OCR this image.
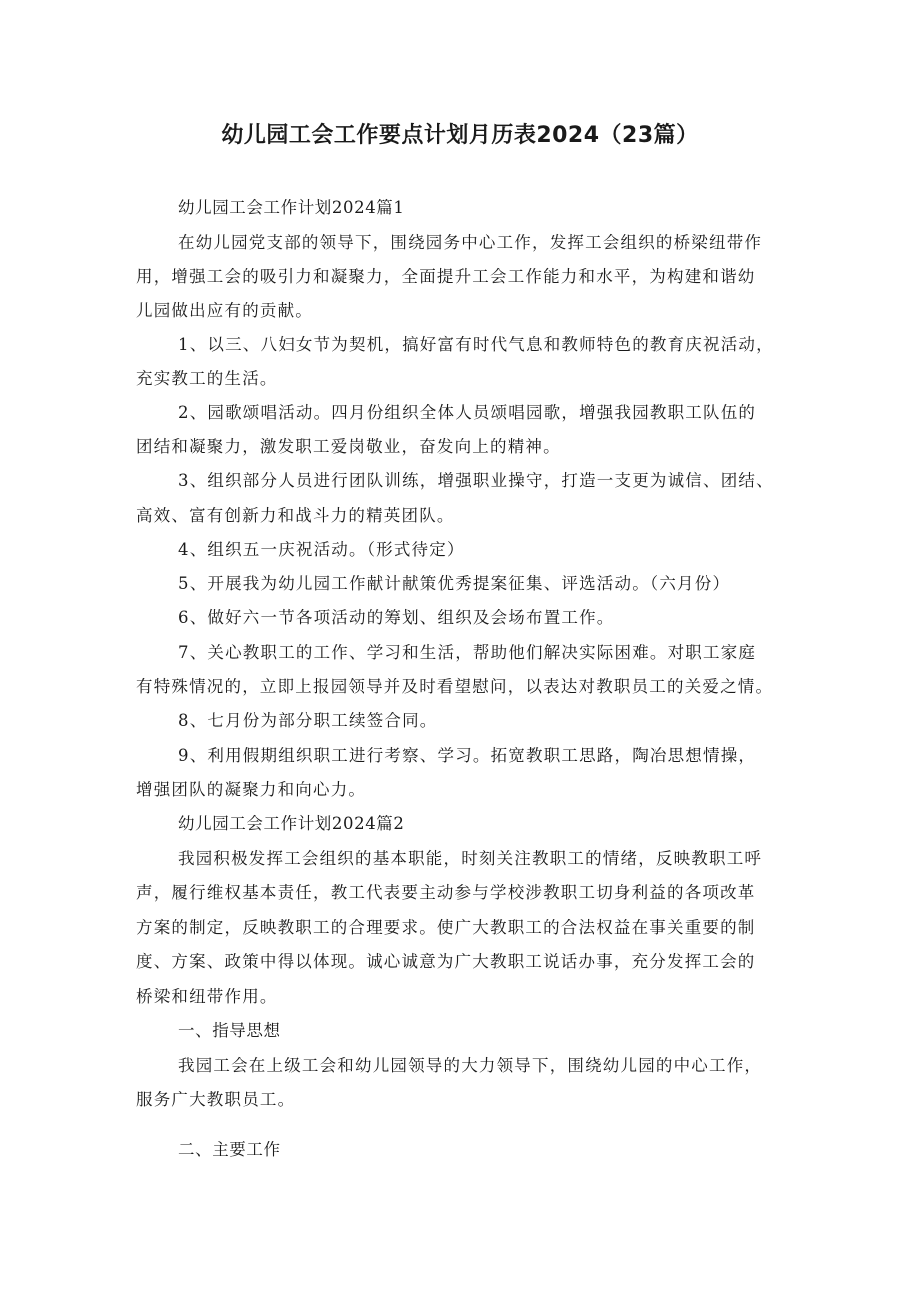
幼儿园工会工作要点计划月历表2024（23篇）
幼儿园工会工作计划2024篇1
在幼儿园党支部的领导下，围绕园务中心工作，发挥工会组织的桥梁纽带作
用，增强工会的吸引力和凝聚力，全面提升工会工作能力和水平，为构建和谐幼
儿园做出应有的贡献。
1、以三、八妇女节为契机，搞好富有时代气息和教师特色的教育庆祝活动，
充实教工的生活。
2、园歌颂唱活动。四月份组织全体人员颂唱园歌，增强我园教职工队伍的
团结和凝聚力，激发职工爱岗敬业，奋发向上的精神。
3、组织部分人员进行团队训练，增强职业操守，打造一支更为诚信、团结、
高效、富有创新力和战斗力的精英团队。
4、组织五一庆祝活动。（形式待定）
5、开展我为幼儿园工作献计献策优秀提案征集、评选活动。（六月份）
6、做好六一节各项活动的筹划、组织及会场布置工作。
7、关心教职工的工作、学习和生活，帮助他们解决实际困难。对职工家庭
有特殊情况的，立即上报园领导并及时看望慰问，以表达对教职员工的关爱之情。
8、七月份为部分职工续签合同。
9、利用假期组织职工进行考察、学习。拓宽教职工思路，陶冶思想情操，
增强团队的凝聚力和向心力。
幼儿园工会工作计划2024篇2
我园积极发挥工会组织的基本职能，时刻关注教职工的情绪，反映教职工呼
声，履行维权基本责任，教工代表要主动参与学校涉教职工切身利益的各项改革
方案的制定，反映教职工的合理要求。使广大教职工的合法权益在事关重要的制
度、方案、政策中得以体现。诚心诚意为广大教职工说话办事，充分发挥工会的
桥梁和纽带作用。
一、指导思想
我园工会在上级工会和幼儿园领导的大力领导下，围绕幼儿园的中心工作，
服务广大教职员工。
二、主要工作
